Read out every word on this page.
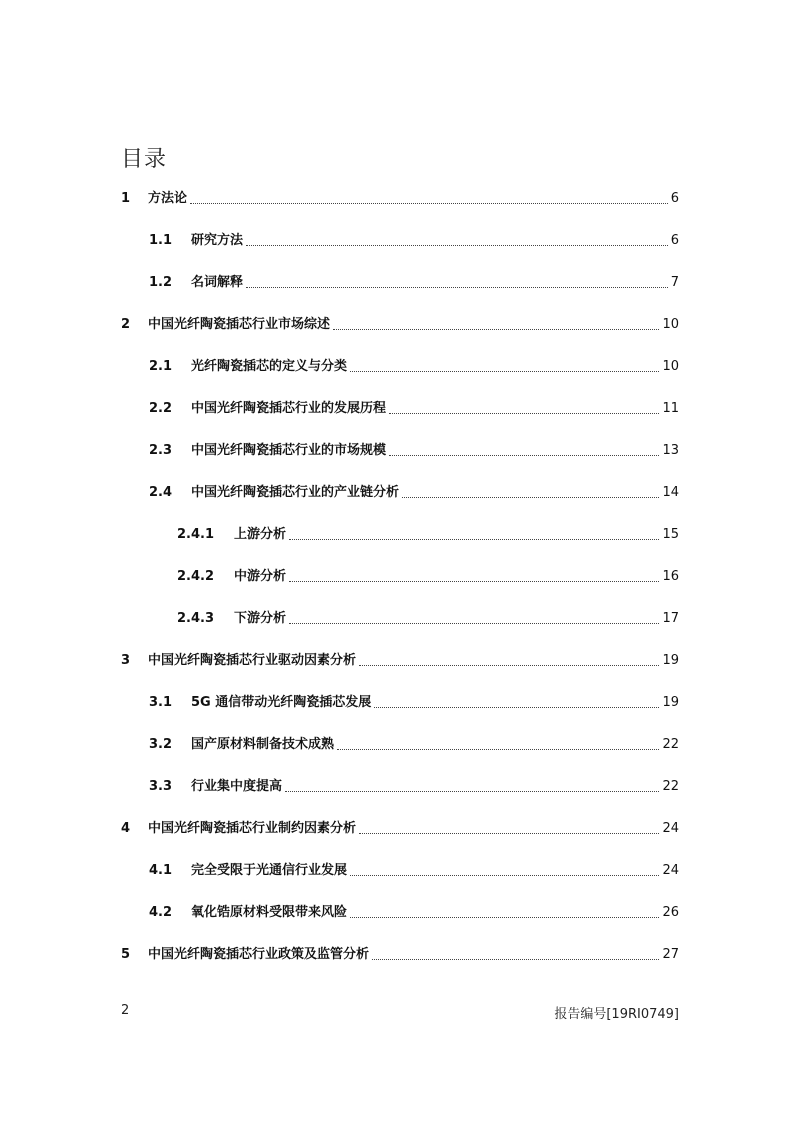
目录
1	方法论	6
1.1	研究方法	6
1.2	名词解释	7
2	中国光纤陶瓷插芯行业市场综述	10
2.1	光纤陶瓷插芯的定义与分类	10
2.2	中国光纤陶瓷插芯行业的发展历程	11
2.3	中国光纤陶瓷插芯行业的市场规模	13
2.4	中国光纤陶瓷插芯行业的产业链分析	14
2.4.1	上游分析	15
2.4.2	中游分析	16
2.4.3	下游分析	17
3	中国光纤陶瓷插芯行业驱动因素分析	19
3.1	5G 通信带动光纤陶瓷插芯发展	19
3.2	国产原材料制备技术成熟	22
3.3	行业集中度提高	22
4	中国光纤陶瓷插芯行业制约因素分析	24
4.1	完全受限于光通信行业发展	24
4.2	氧化锆原材料受限带来风险	26
5	中国光纤陶瓷插芯行业政策及监管分析	27
2	报告编号[19RI0749]
